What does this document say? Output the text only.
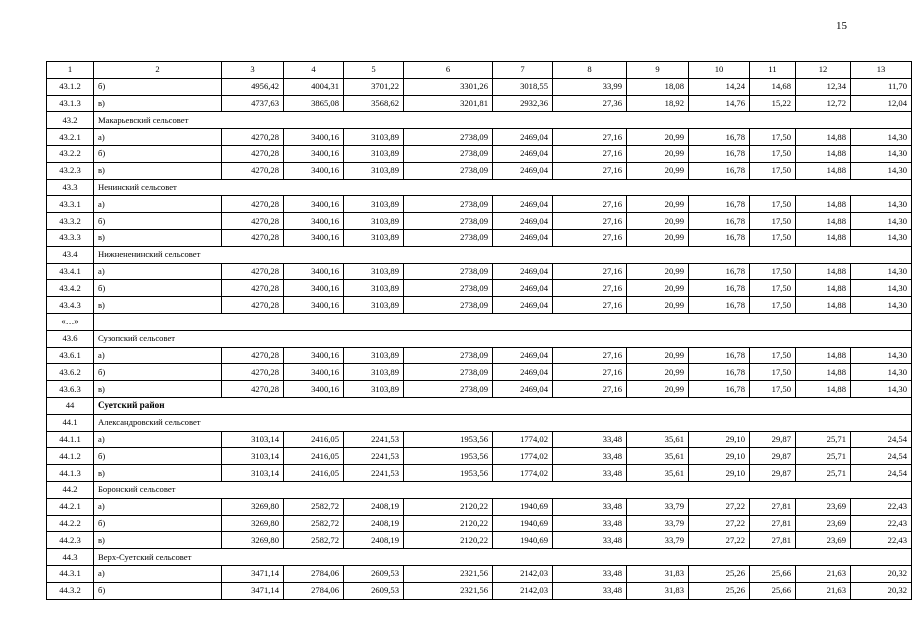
15
1	2	3	4	5	6	7	8	9	10	11	12	13
43.1.2	б)	4956,42	4004,31	3701,22	3301,26	3018,55	33,99	18,08	14,24	14,68	12,34	11,70
43.1.3	в)	4737,63	3865,08	3568,62	3201,81	2932,36	27,36	18,92	14,76	15,22	12,72	12,04
43.2	Макарьевский сельсовет											
43.2.1	а)	4270,28	3400,16	3103,89	2738,09	2469,04	27,16	20,99	16,78	17,50	14,88	14,30
43.2.2	б)	4270,28	3400,16	3103,89	2738,09	2469,04	27,16	20,99	16,78	17,50	14,88	14,30
43.2.3	в)	4270,28	3400,16	3103,89	2738,09	2469,04	27,16	20,99	16,78	17,50	14,88	14,30
43.3	Ненинский сельсовет											
43.3.1	а)	4270,28	3400,16	3103,89	2738,09	2469,04	27,16	20,99	16,78	17,50	14,88	14,30
43.3.2	б)	4270,28	3400,16	3103,89	2738,09	2469,04	27,16	20,99	16,78	17,50	14,88	14,30
43.3.3	в)	4270,28	3400,16	3103,89	2738,09	2469,04	27,16	20,99	16,78	17,50	14,88	14,30
43.4	Нижнененинский сельсовет											
43.4.1	а)	4270,28	3400,16	3103,89	2738,09	2469,04	27,16	20,99	16,78	17,50	14,88	14,30
43.4.2	б)	4270,28	3400,16	3103,89	2738,09	2469,04	27,16	20,99	16,78	17,50	14,88	14,30
43.4.3	в)	4270,28	3400,16	3103,89	2738,09	2469,04	27,16	20,99	16,78	17,50	14,88	14,30
«…»												
43.6	Сузопский сельсовет											
43.6.1	а)	4270,28	3400,16	3103,89	2738,09	2469,04	27,16	20,99	16,78	17,50	14,88	14,30
43.6.2	б)	4270,28	3400,16	3103,89	2738,09	2469,04	27,16	20,99	16,78	17,50	14,88	14,30
43.6.3	в)	4270,28	3400,16	3103,89	2738,09	2469,04	27,16	20,99	16,78	17,50	14,88	14,30
44	Суетский район											
44.1	Александровский сельсовет											
44.1.1	а)	3103,14	2416,05	2241,53	1953,56	1774,02	33,48	35,61	29,10	29,87	25,71	24,54
44.1.2	б)	3103,14	2416,05	2241,53	1953,56	1774,02	33,48	35,61	29,10	29,87	25,71	24,54
44.1.3	в)	3103,14	2416,05	2241,53	1953,56	1774,02	33,48	35,61	29,10	29,87	25,71	24,54
44.2	Боронский сельсовет											
44.2.1	а)	3269,80	2582,72	2408,19	2120,22	1940,69	33,48	33,79	27,22	27,81	23,69	22,43
44.2.2	б)	3269,80	2582,72	2408,19	2120,22	1940,69	33,48	33,79	27,22	27,81	23,69	22,43
44.2.3	в)	3269,80	2582,72	2408,19	2120,22	1940,69	33,48	33,79	27,22	27,81	23,69	22,43
44.3	Верх-Суетский сельсовет											
44.3.1	а)	3471,14	2784,06	2609,53	2321,56	2142,03	33,48	31,83	25,26	25,66	21,63	20,32
44.3.2	б)	3471,14	2784,06	2609,53	2321,56	2142,03	33,48	31,83	25,26	25,66	21,63	20,32
